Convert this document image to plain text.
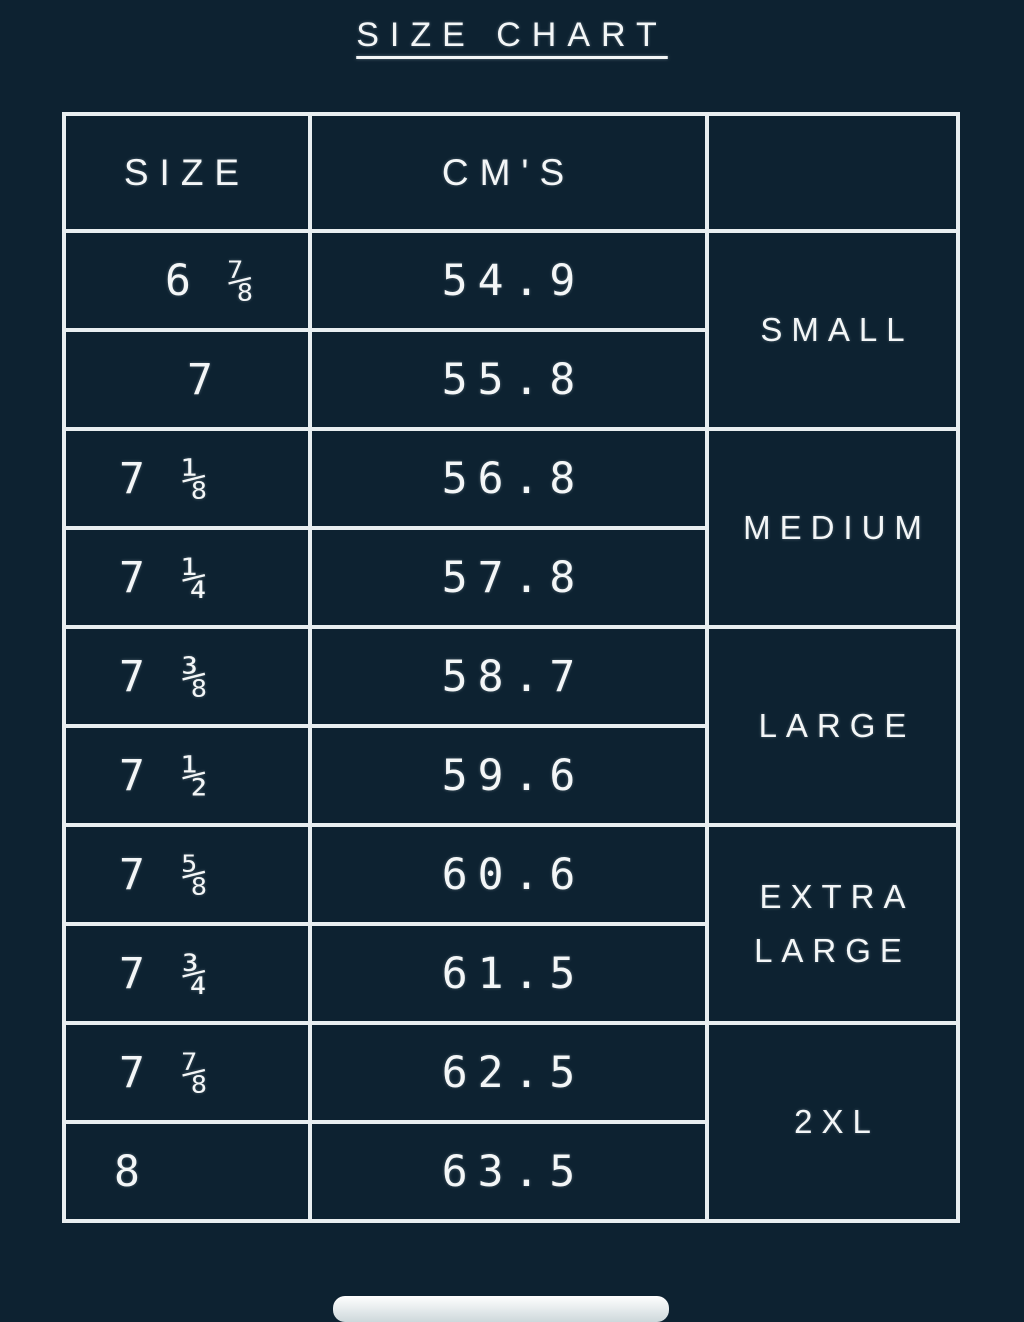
SIZE CHART
SIZE	CM'S	
6 ⅞	54.9	SMALL
7	55.8	
7 ⅛	56.8	MEDIUM
7 ¼	57.8	
7 ⅜	58.7	LARGE
7 ½	59.6	
7 ⅝	60.6	EXTRA LARGE
7 ¾	61.5	
7 ⅞	62.5	2XL
8	63.5	
